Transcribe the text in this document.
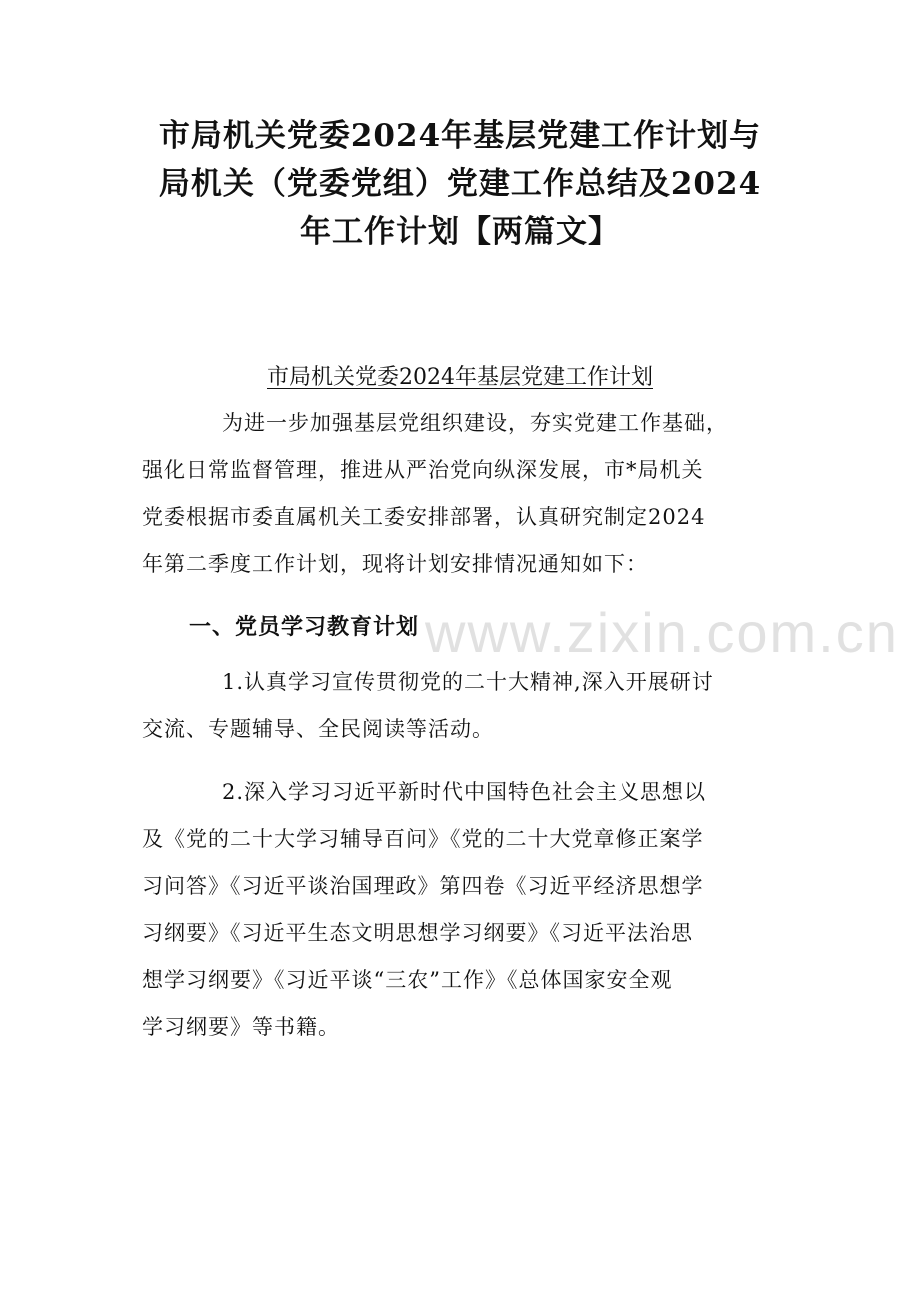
市局机关党委2024年基层党建工作计划与
局机关（党委党组）党建工作总结及2024
年工作计划【两篇文】
市局机关党委2024年基层党建工作计划
为进一步加强基层党组织建设，夯实党建工作基础，
强化日常监督管理，推进从严治党向纵深发展，市*局机关
党委根据市委直属机关工委安排部署，认真研究制定2024
年第二季度工作计划，现将计划安排情况通知如下：
www.zixin.com.cn
一、党员学习教育计划
1.认真学习宣传贯彻党的二十大精神,深入开展研讨
交流、专题辅导、全民阅读等活动。
2.深入学习习近平新时代中国特色社会主义思想以
及《党的二十大学习辅导百问》《党的二十大党章修正案学
习问答》《习近平谈治国理政》第四卷《习近平经济思想学
习纲要》《习近平生态文明思想学习纲要》《习近平法治思
想学习纲要》《习近平谈“三农”工作》《总体国家安全观
学习纲要》等书籍。
